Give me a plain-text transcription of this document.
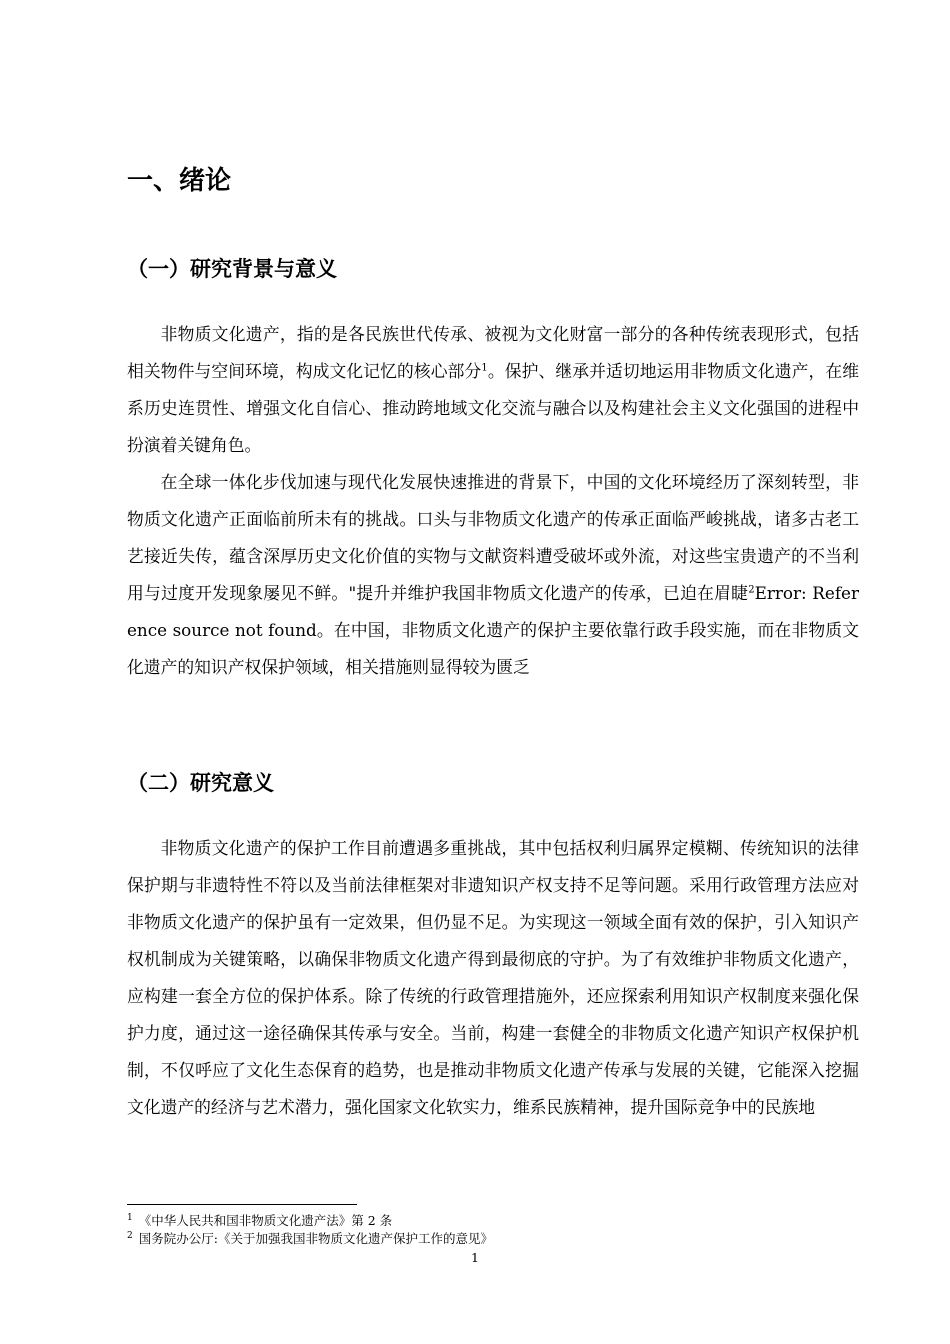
一、绪论
（一）研究背景与意义

非物质文化遗产，指的是各民族世代传承、被视为文化财富一部分的各种传统表现形式，包括相关物件与空间环境，构成文化记忆的核心部分$^1$。保护、继承并适切地运用非物质文化遗产，在维系历史连贯性、增强文化自信心、推动跨地域文化交流与融合以及构建社会主义文化强国的进程中扮演着关键角色。

在全球一体化步伐加速与现代化发展快速推进的背景下，中国的文化环境经历了深刻转型，非物质文化遗产正面临前所未有的挑战。口头与非物质文化遗产的传承正面临严峻挑战，诸多古老工艺接近失传，蕴含深厚历史文化价值的实物与文献资料遭受破坏或外流，对这些宝贵遗产的不当利用与过度开发现象屡见不鲜。"提升并维护我国非物质文化遗产的传承，已迫在眉睫$^2$Error: Reference source not found。在中国，非物质文化遗产的保护主要依靠行政手段实施，而在非物质文化遗产的知识产权保护领域，相关措施则显得较为匮乏

（二）研究意义

非物质文化遗产的保护工作目前遭遇多重挑战，其中包括权利归属界定模糊、传统知识的法律保护期与非遗特性不符以及当前法律框架对非遗知识产权支持不足等问题。采用行政管理方法应对非物质文化遗产的保护虽有一定效果，但仍显不足。为实现这一领域全面有效的保护，引入知识产权机制成为关键策略，以确保非物质文化遗产得到最彻底的守护。为了有效维护非物质文化遗产，应构建一套全方位的保护体系。除了传统的行政管理措施外，还应探索利用知识产权制度来强化保护力度，通过这一途径确保其传承与安全。当前，构建一套健全的非物质文化遗产知识产权保护机制，不仅呼应了文化生态保育的趋势，也是推动非物质文化遗产传承与发展的关键，它能深入挖掘文化遗产的经济与艺术潜力，强化国家文化软实力，维系民族精神，提升国际竞争中的民族地

$^1$ 《中华人民共和国非物质文化遗产法》第 2 条
$^2$ 国务院办公厅:《关于加强我国非物质文化遗产保护工作的意见》
1
